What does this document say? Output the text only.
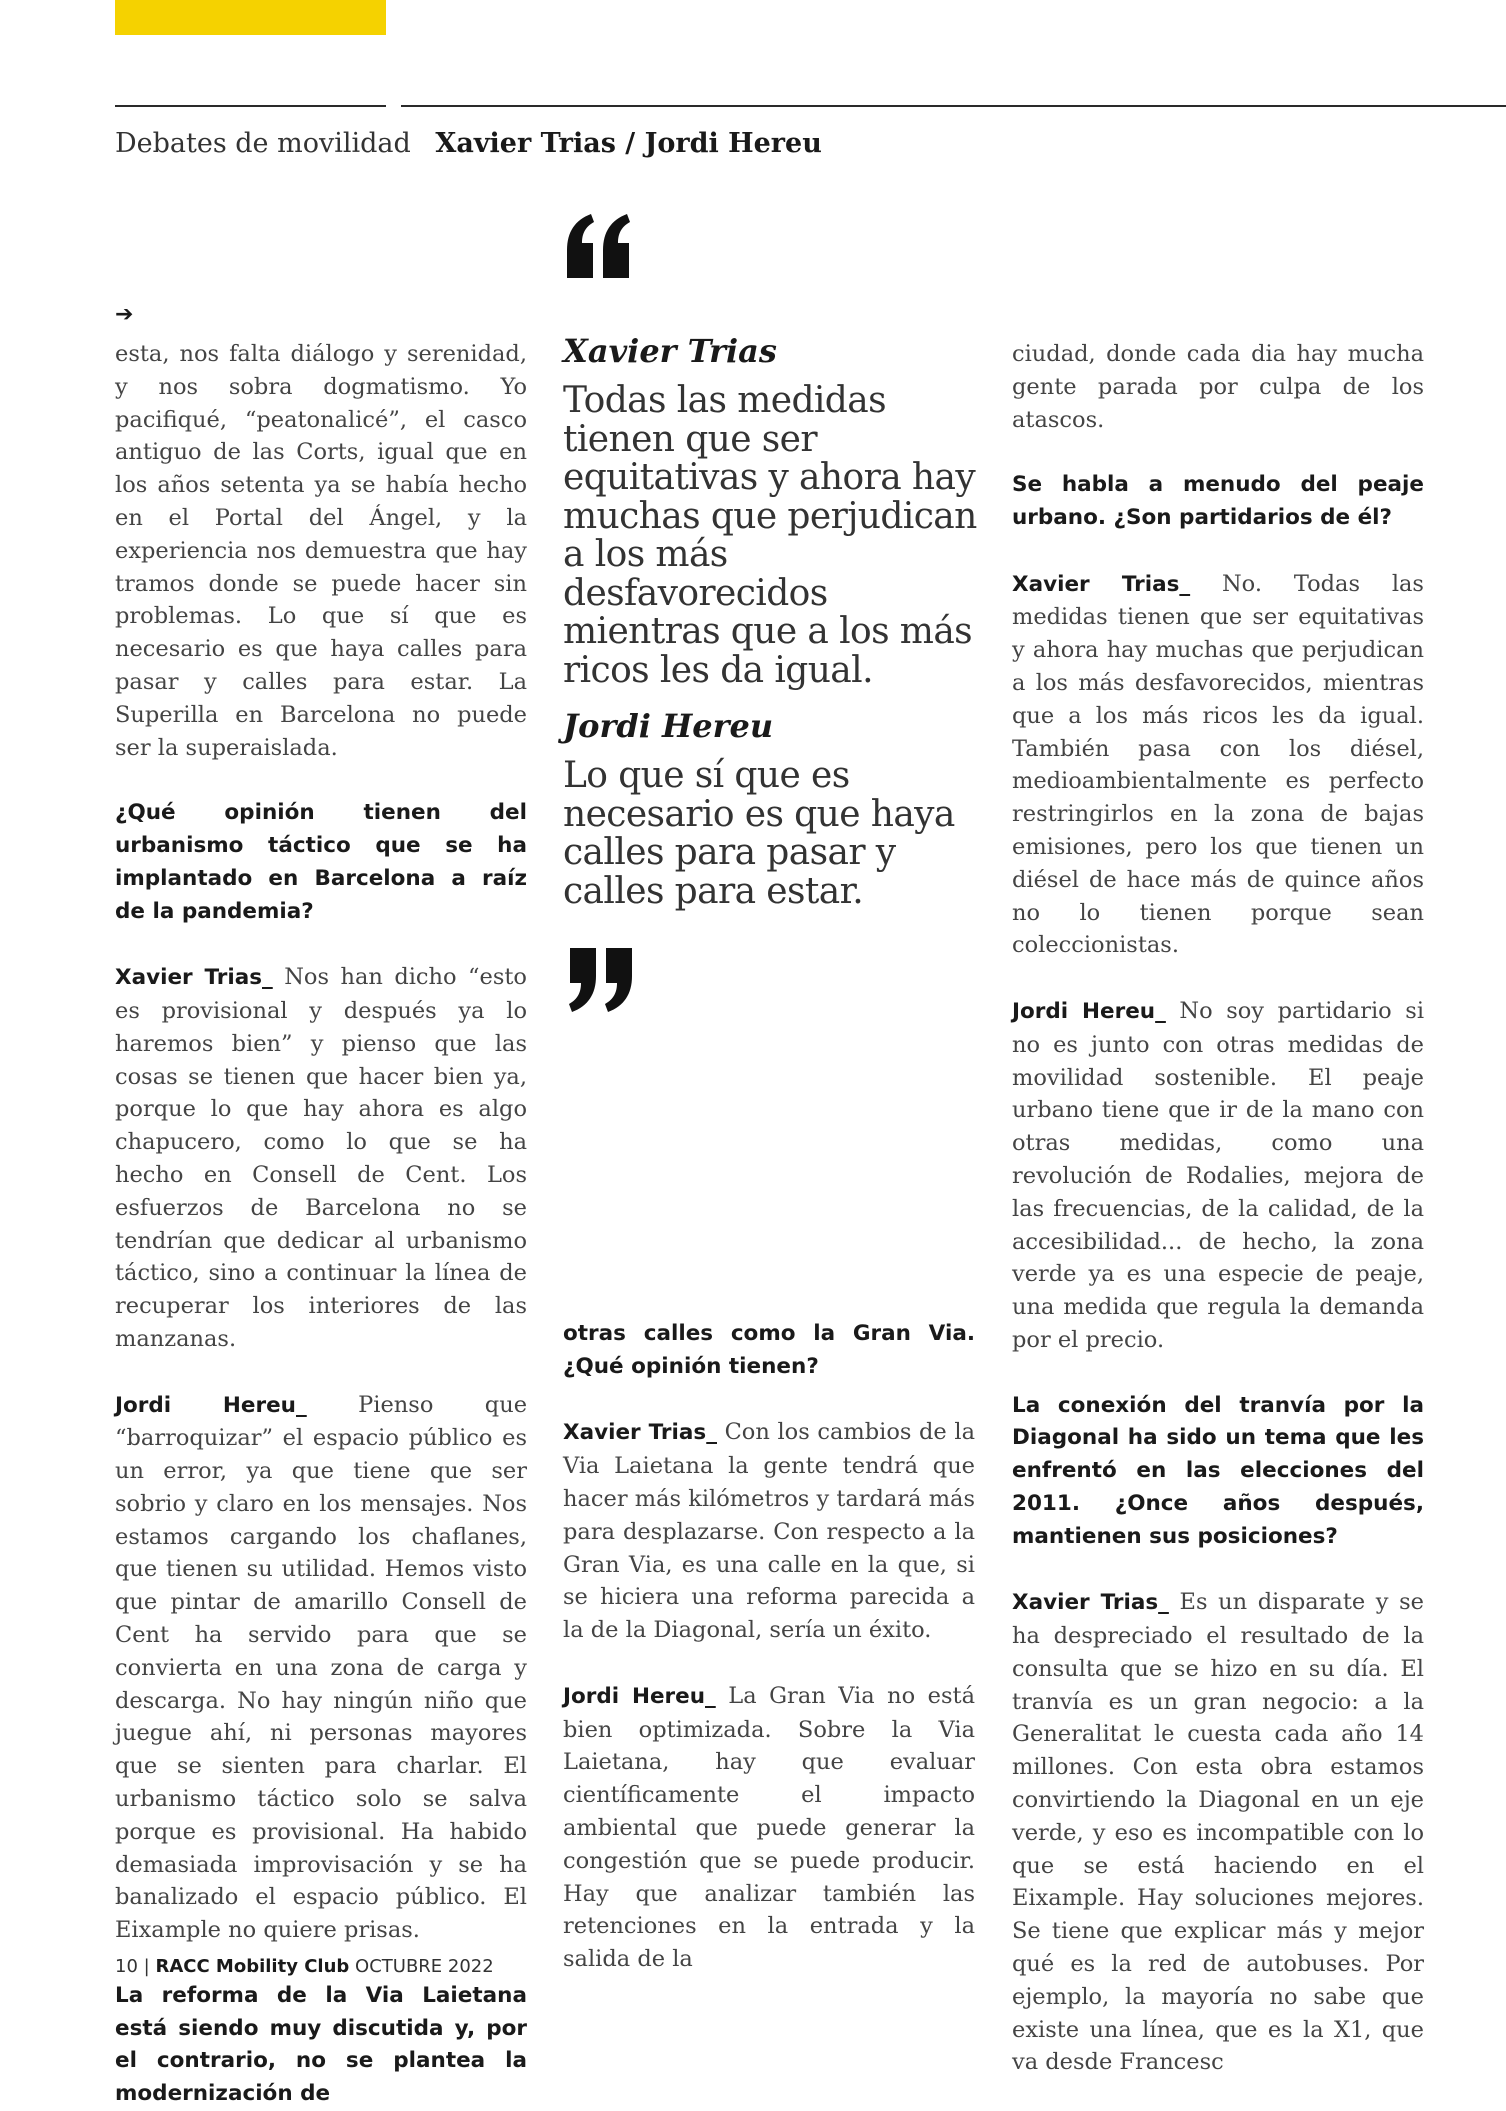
Debates de movilidad Xavier Trias / Jordi Hereu
➔

esta, nos falta diálogo y serenidad, y nos sobra dogmatismo. Yo pacifiqué, “peatonalicé”, el casco antiguo de las Corts, igual que en los años setenta ya se había hecho en el Portal del Ángel, y la experiencia nos demuestra que hay tramos donde se puede hacer sin problemas. Lo que sí que es necesario es que haya calles para pasar y calles para estar. La Superilla en Barcelona no puede ser la superaislada.

¿Qué opinión tienen del urbanismo táctico que se ha implantado en Barcelona a raíz de la pandemia?

Xavier Trias_ Nos han dicho “esto es provisional y después ya lo haremos bien” y pienso que las cosas se tienen que hacer bien ya, porque lo que hay ahora es algo chapucero, como lo que se ha hecho en Consell de Cent. Los esfuerzos de Barcelona no se tendrían que dedicar al urbanismo táctico, sino a continuar la línea de recuperar los interiores de las manzanas.

Jordi Hereu_ Pienso que “barroquizar” el espacio público es un error, ya que tiene que ser sobrio y claro en los mensajes. Nos estamos cargando los chaflanes, que tienen su utilidad. Hemos visto que pintar de amarillo Consell de Cent ha servido para que se convierta en una zona de carga y descarga. No hay ningún niño que juegue ahí, ni personas mayores que se sienten para charlar. El urbanismo táctico solo se salva porque es provisional. Ha habido demasiada improvisación y se ha banalizado el espacio público. El Eixample no quiere prisas.

La reforma de la Via Laietana está siendo muy discutida y, por el contrario, no se plantea la modernización de

Xavier Trias
Todas las medidas tienen que ser equitativas y ahora hay muchas que perjudican a los más desfavorecidos mientras que a los más ricos les da igual.
Jordi Hereu
Lo que sí que es necesario es que haya calles para pasar y calles para estar.

otras calles como la Gran Via. ¿Qué opinión tienen?

Xavier Trias_ Con los cambios de la Via Laietana la gente tendrá que hacer más kilómetros y tardará más para desplazarse. Con respecto a la Gran Via, es una calle en la que, si se hiciera una reforma parecida a la de la Diagonal, sería un éxito.

Jordi Hereu_ La Gran Via no está bien optimizada. Sobre la Via Laietana, hay que evaluar científicamente el impacto ambiental que puede generar la congestión que se puede producir. Hay que analizar también las retenciones en la entrada y la salida de la

ciudad, donde cada dia hay mucha gente parada por culpa de los atascos.

Se habla a menudo del peaje urbano. ¿Son partidarios de él?

Xavier Trias_ No. Todas las medidas tienen que ser equitativas y ahora hay muchas que perjudican a los más desfavorecidos, mientras que a los más ricos les da igual. También pasa con los diésel, medioambientalmente es perfecto restringirlos en la zona de bajas emisiones, pero los que tienen un diésel de hace más de quince años no lo tienen porque sean coleccionistas.

Jordi Hereu_ No soy partidario si no es junto con otras medidas de movilidad sostenible. El peaje urbano tiene que ir de la mano con otras medidas, como una revolución de Rodalies, mejora de las frecuencias, de la calidad, de la accesibilidad... de hecho, la zona verde ya es una especie de peaje, una medida que regula la demanda por el precio.

La conexión del tranvía por la Diagonal ha sido un tema que les enfrentó en las elecciones del 2011. ¿Once años después, mantienen sus posiciones?

Xavier Trias_ Es un disparate y se ha despreciado el resultado de la consulta que se hizo en su día. El tranvía es un gran negocio: a la Generalitat le cuesta cada año 14 millones. Con esta obra estamos convirtiendo la Diagonal en un eje verde, y eso es incompatible con lo que se está haciendo en el Eixample. Hay soluciones mejores. Se tiene que explicar más y mejor qué es la red de autobuses. Por ejemplo, la mayoría no sabe que existe una línea, que es la X1, que va desde Francesc

10 | RACC Mobility Club OCTUBRE 2022
